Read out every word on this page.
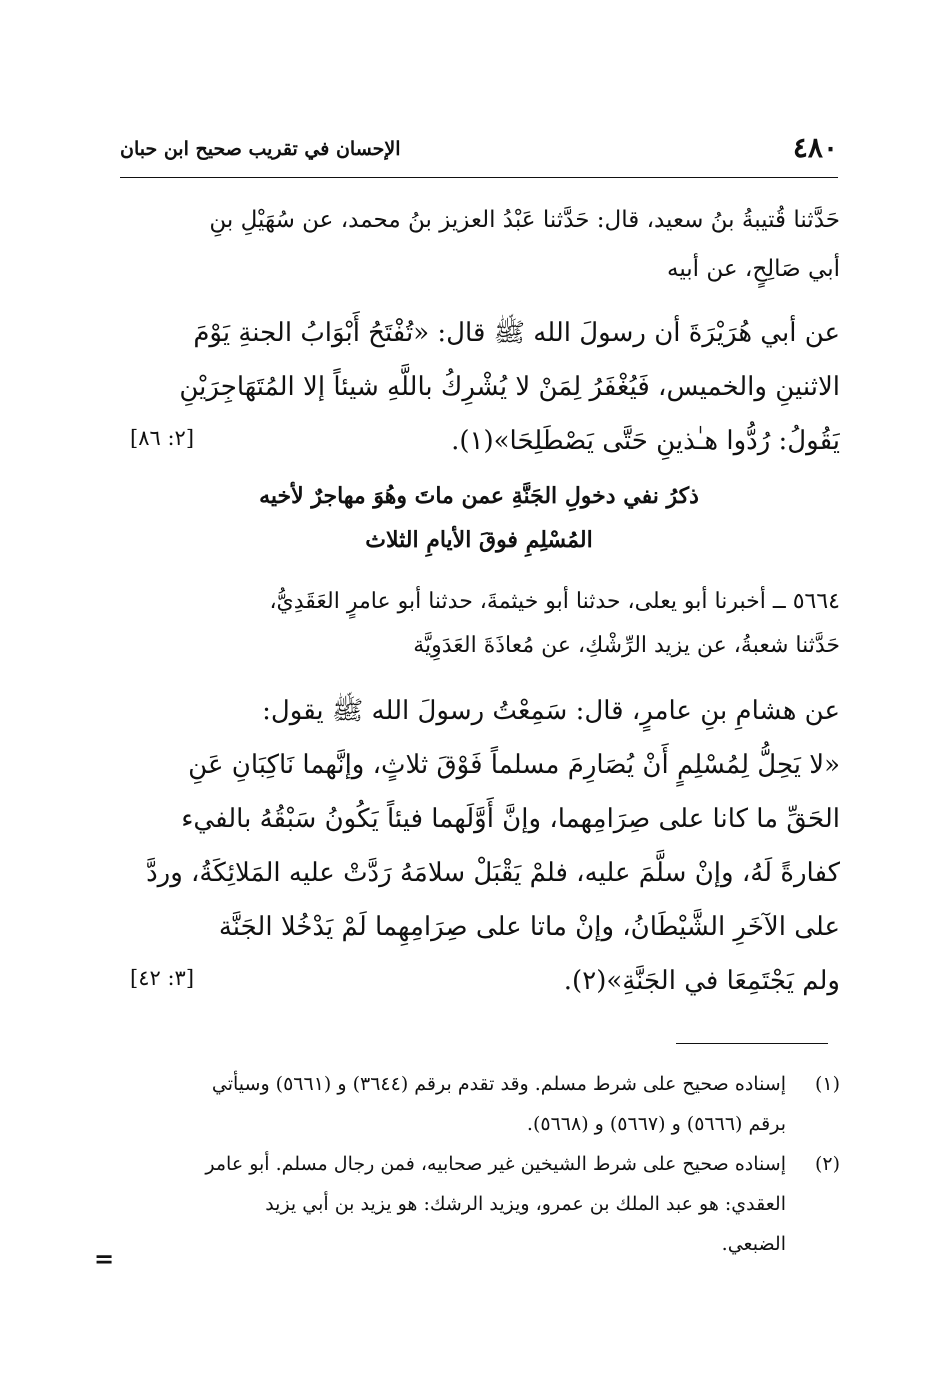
٤٨٠
الإحسان في تقريب صحيح ابن حبان
حَدَّثنا قُتيبةُ بنُ سعيد، قال: حَدَّثنا عَبْدُ العزيز بنُ محمد، عن سُهَيْلِ بنِ
أبي صَالِحٍ، عن أبيه
عن أبي هُرَيْرَةَ أن رسولَ الله ﷺ قال: «تُفْتَحُ أَبْوَابُ الجنةِ يَوْمَ
الاثنينِ والخميس، فَيُغْفَرُ لِمَنْ لا يُشْرِكُ باللَّهِ شيئاً إلا المُتَهَاجِرَيْنِ
يَقُولُ: رُدُّوا هـٰذينِ حَتَّى يَصْطَلِحَا»(١).
[٢: ٨٦]
ذكرُ نفي دخولِ الجَنَّةِ عمن ماتَ وهُوَ مهاجرٌ لأخيه
المُسْلِمِ فوقَ الأيامِ الثلاث
٥٦٦٤ ــ أخبرنا أبو يعلى، حدثنا أبو خيثمةَ، حدثنا أبو عامرٍ العَقَدِيُّ،
حَدَّثنا شعبةُ، عن يزيد الرِّشْكِ، عن مُعاذَةَ العَدَوِيَّة
عن هشامِ بنِ عامرٍ، قال: سَمِعْتُ رسولَ الله ﷺ يقول:
«لا يَحِلُّ لِمُسْلِمٍ أَنْ يُصَارِمَ مسلماً فَوْقَ ثلاثٍ، وإنَّهما نَاكِبَانِ عَنِ
الحَقِّ ما كانا على صِرَامِهما، وإنَّ أَوَّلَهما فيئاً يَكُونُ سَبْقُهُ بالفيء
كفارةً لَهُ، وإنْ سلَّمَ عليه، فلمْ يَقْبَلْ سلامَهُ رَدَّتْ عليه المَلائِكَةُ، وردَّ
على الآخَرِ الشَّيْطَانُ، وإنْ ماتا على صِرَامِهِما لَمْ يَدْخُلا الجَنَّة
ولم يَجْتَمِعَا في الجَنَّةِ»(٢).
[٣: ٤٢]
(١)
إسناده صحيح على شرط مسلم. وقد تقدم برقم (٣٦٤٤) و (٥٦٦١) وسيأتي
برقم (٥٦٦٦) و (٥٦٦٧) و (٥٦٦٨).
(٢)
إسناده صحيح على شرط الشيخين غير صحابيه، فمن رجال مسلم. أبو عامر
العقدي: هو عبد الملك بن عمرو، ويزيد الرشك: هو يزيد بن أبي يزيد
الضبعي.
=
